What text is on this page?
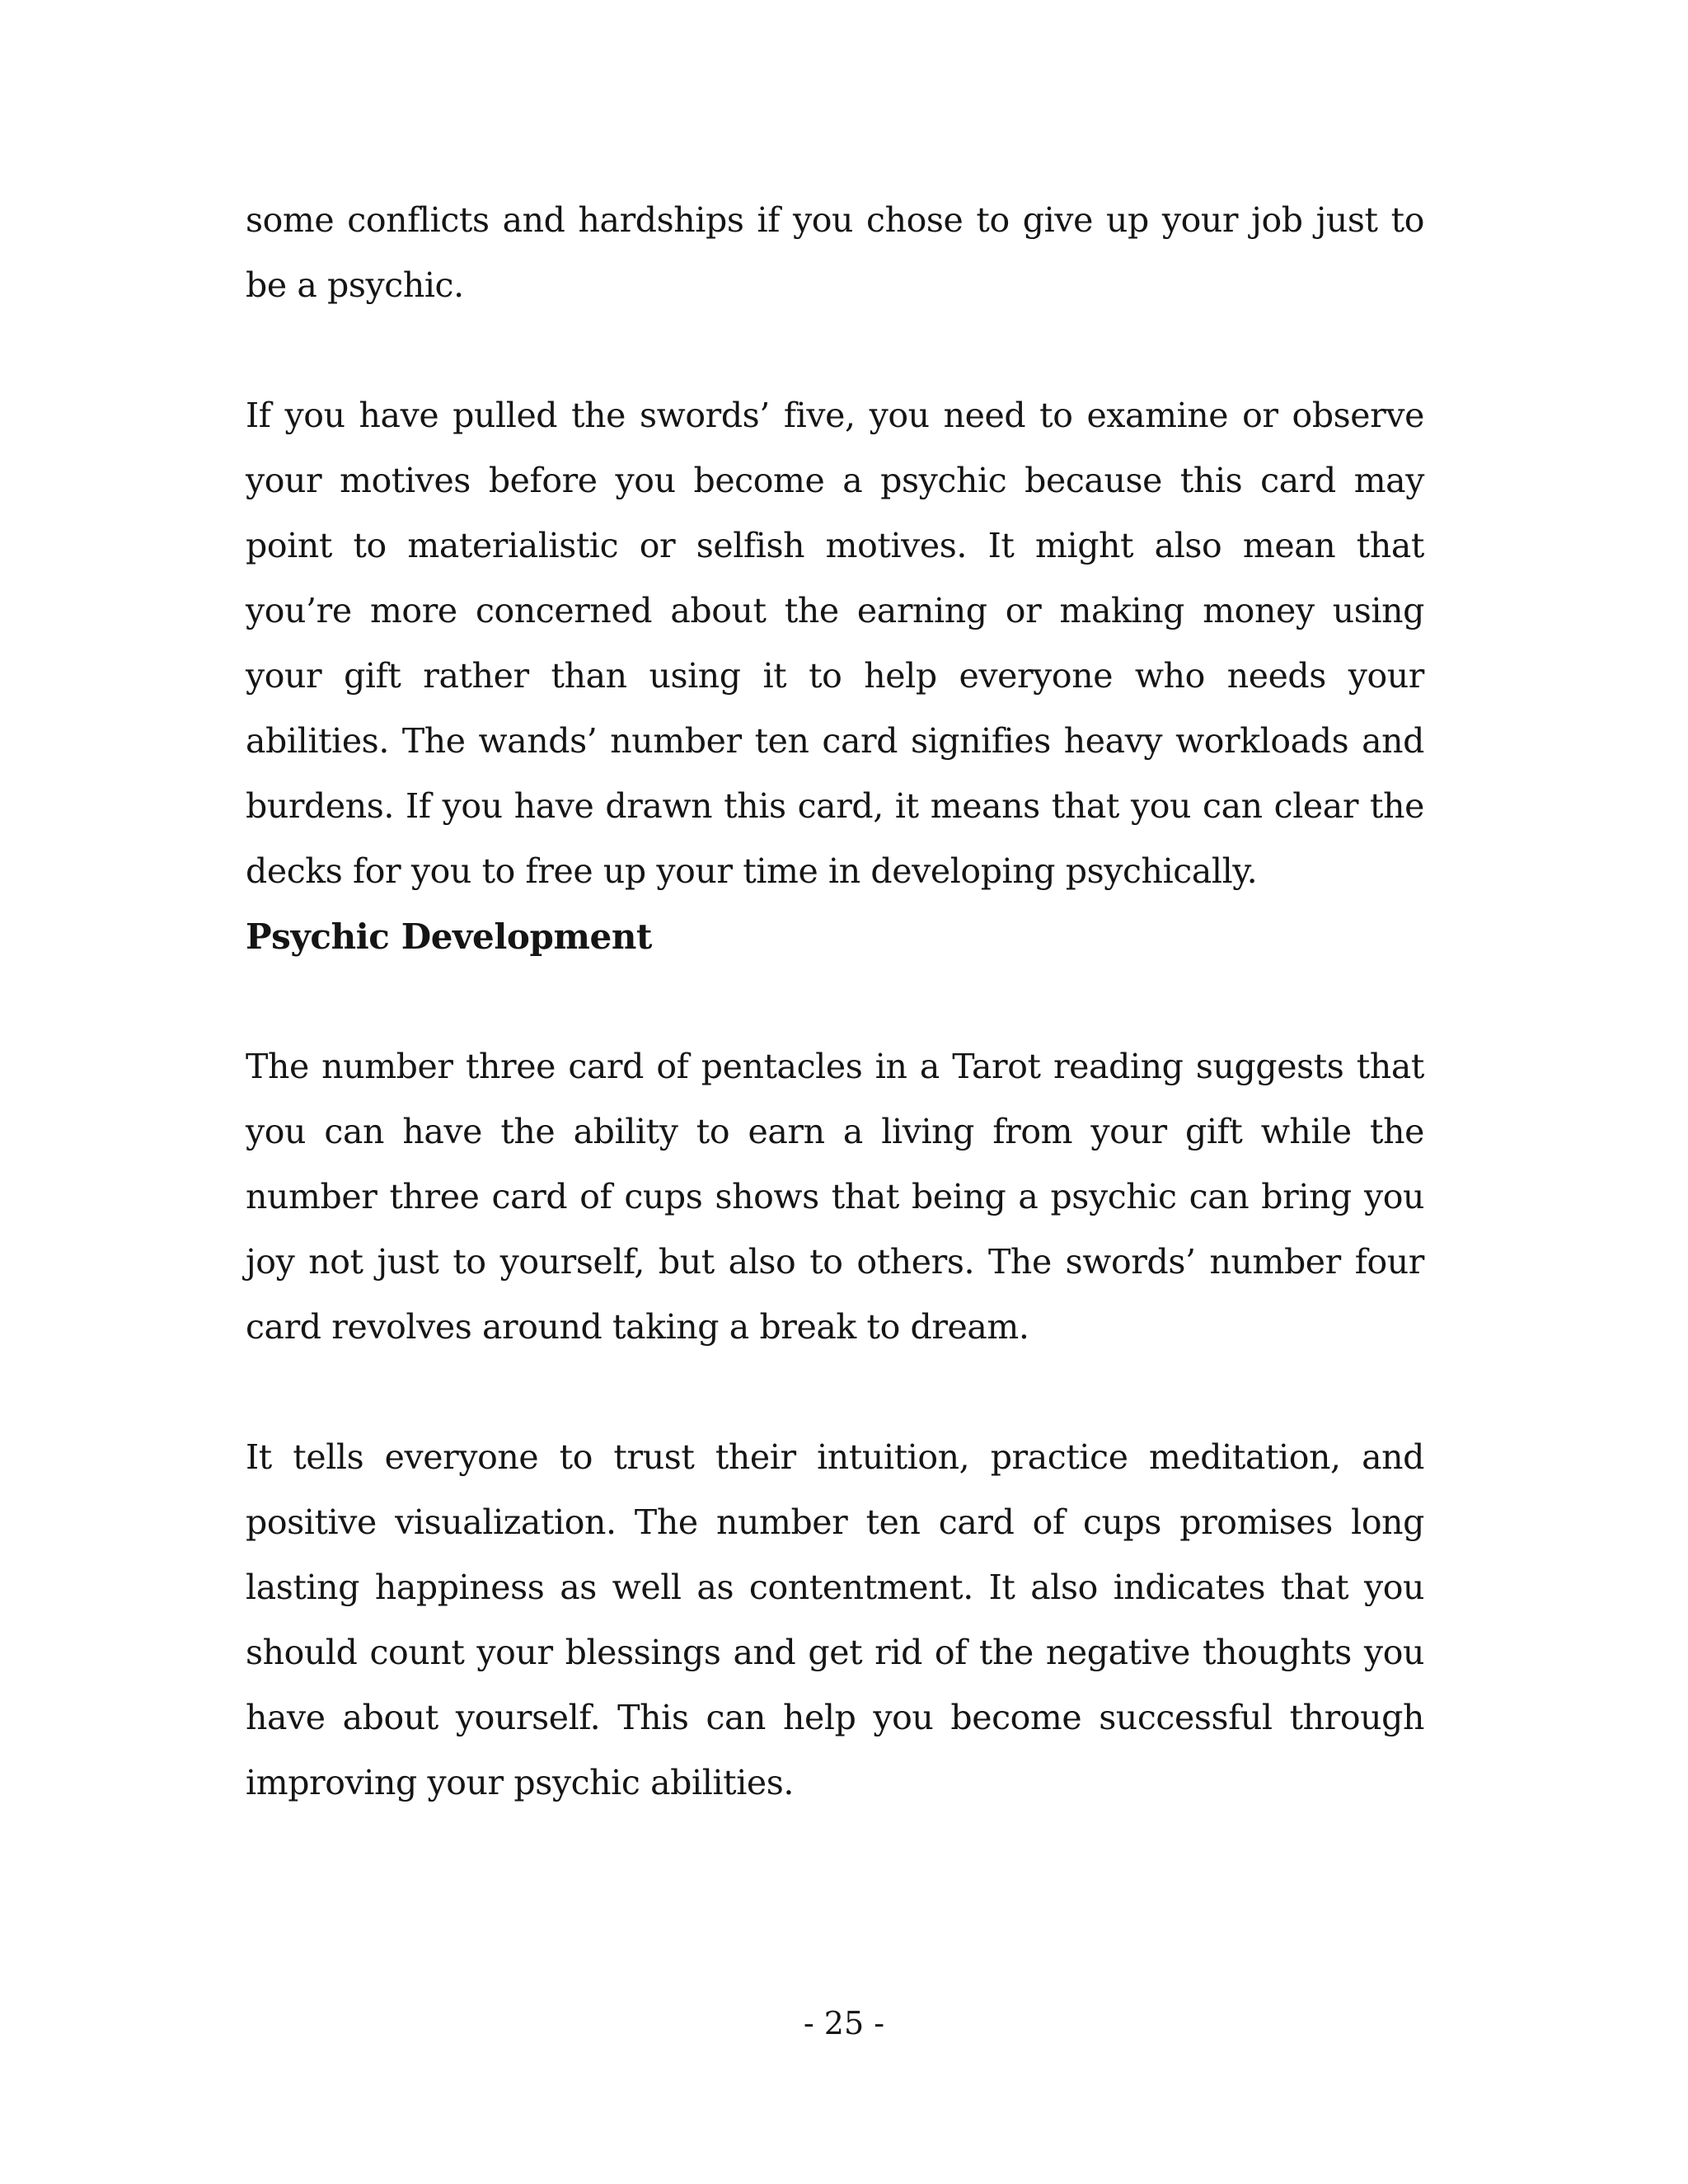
some conflicts and hardships if you chose to give up your job just to be a psychic.

If you have pulled the swords’ five, you need to examine or observe your motives before you become a psychic because this card may point to materialistic or selfish motives. It might also mean that you’re more concerned about the earning or making money using your gift rather than using it to help everyone who needs your abilities. The wands’ number ten card signifies heavy workloads and burdens. If you have drawn this card, it means that you can clear the decks for you to free up your time in developing psychically.

Psychic Development

The number three card of pentacles in a Tarot reading suggests that you can have the ability to earn a living from your gift while the number three card of cups shows that being a psychic can bring you joy not just to yourself, but also to others. The swords’ number four card revolves around taking a break to dream.

It tells everyone to trust their intuition, practice meditation, and positive visualization. The number ten card of cups promises long lasting happiness as well as contentment. It also indicates that you should count your blessings and get rid of the negative thoughts you have about yourself. This can help you become successful through improving your psychic abilities.

- 25 -
